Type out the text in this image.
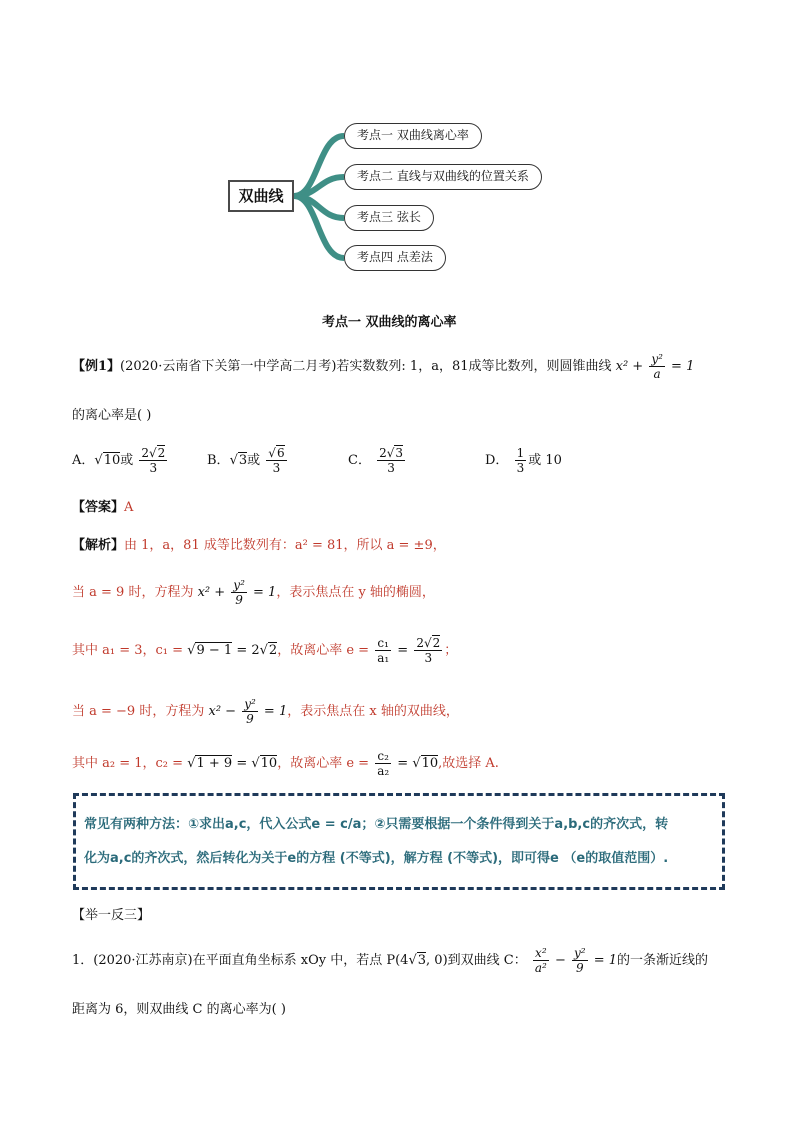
双曲线
考点一 双曲线离心率
考点二 直线与双曲线的位置关系
考点三 弦长
考点四 点差法
考点一 双曲线的离心率
【例1】(2020·云南省下关第一中学高二月考)若实数数列: 1，a，81成等比数列，则圆锥曲线 $x^2 + \frac{\text{y²}}{a} = 1$
的离心率是( )
A．√10或 $\frac{2√2}{3}$	B．√3或 $\frac{√6}{3}$	C． $\frac{2√3}{3}$	D． $\frac{1}{3}$ 或 10
【答案】A
【解析】由 1，a，81 成等比数列有：a² = 81，所以 a = ±9，
当 a = 9 时，方程为 $x^2 + \frac{\text{y²}}{9} = 1$，表示焦点在 y 轴的椭圆，
其中 a₁ = 3，c₁ = √9 − 1 = 2√2，故离心率 $e = \frac{\text{c₁}}{\text{a₁}} = \frac{2√2}{3}$ ；
当 a = −9 时，方程为 $x^2 - \frac{\text{y²}}{9} = 1$，表示焦点在 x 轴的双曲线，
其中 a₂ = 1，c₂ = √1 + 9 = √10，故离心率 $e = \frac{\text{c₂}}{\text{a₂}} = √10$,故选择 A.
常见有两种方法：①求出a,c，代入公式e = c/a；②只需要根据一个条件得到关于a,b,c的齐次式，转
化为a,c的齐次式，然后转化为关于e的方程 (不等式)，解方程 (不等式)，即可得e （e的取值范围）.
【举一反三】
1．(2020·江苏南京)在平面直角坐标系 xOy 中，若点 P(4√3, 0)到双曲线 C： $\frac{\text{x²}}{\text{a²}} - \frac{\text{y²}}{9} = 1$的一条渐近线的
距离为 6，则双曲线 C 的离心率为( )
